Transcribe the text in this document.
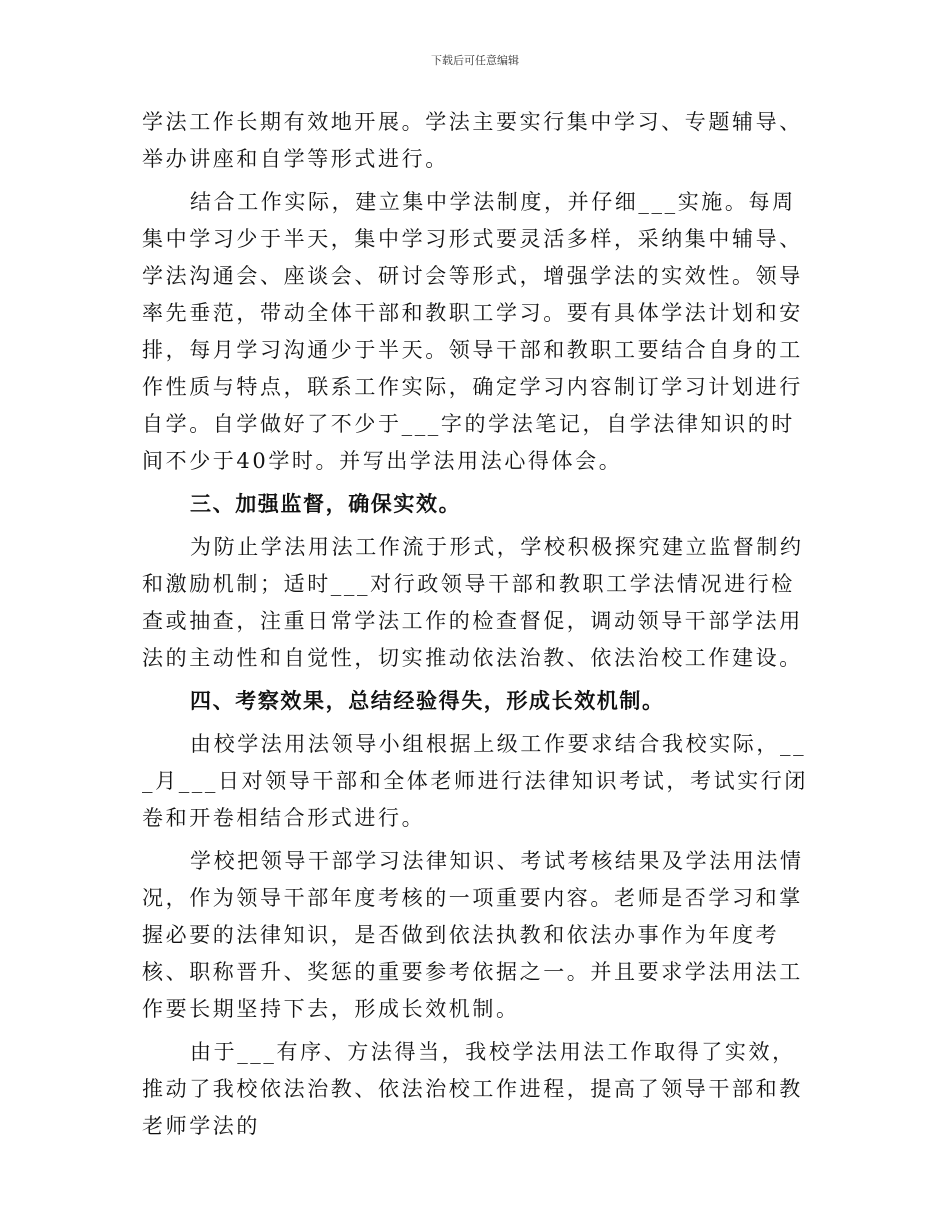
下载后可任意编辑

学法工作长期有效地开展。学法主要实行集中学习、专题辅导、举办讲座和自学等形式进行。

结合工作实际，建立集中学法制度，并仔细___实施。每周集中学习少于半天，集中学习形式要灵活多样，采纳集中辅导、学法沟通会、座谈会、研讨会等形式，增强学法的实效性。领导率先垂范，带动全体干部和教职工学习。要有具体学法计划和安排，每月学习沟通少于半天。领导干部和教职工要结合自身的工作性质与特点，联系工作实际，确定学习内容制订学习计划进行自学。自学做好了不少于___字的学法笔记，自学法律知识的时间不少于40学时。并写出学法用法心得体会。

三、加强监督，确保实效。

为防止学法用法工作流于形式，学校积极探究建立监督制约和激励机制；适时___对行政领导干部和教职工学法情况进行检查或抽查，注重日常学法工作的检查督促，调动领导干部学法用法的主动性和自觉性，切实推动依法治教、依法治校工作建设。

四、考察效果，总结经验得失，形成长效机制。

由校学法用法领导小组根据上级工作要求结合我校实际，___月___日对领导干部和全体老师进行法律知识考试，考试实行闭卷和开卷相结合形式进行。

学校把领导干部学习法律知识、考试考核结果及学法用法情况，作为领导干部年度考核的一项重要内容。老师是否学习和掌握必要的法律知识，是否做到依法执教和依法办事作为年度考核、职称晋升、奖惩的重要参考依据之一。并且要求学法用法工作要长期坚持下去，形成长效机制。

由于___有序、方法得当，我校学法用法工作取得了实效，推动了我校依法治教、依法治校工作进程，提高了领导干部和教老师学法的
